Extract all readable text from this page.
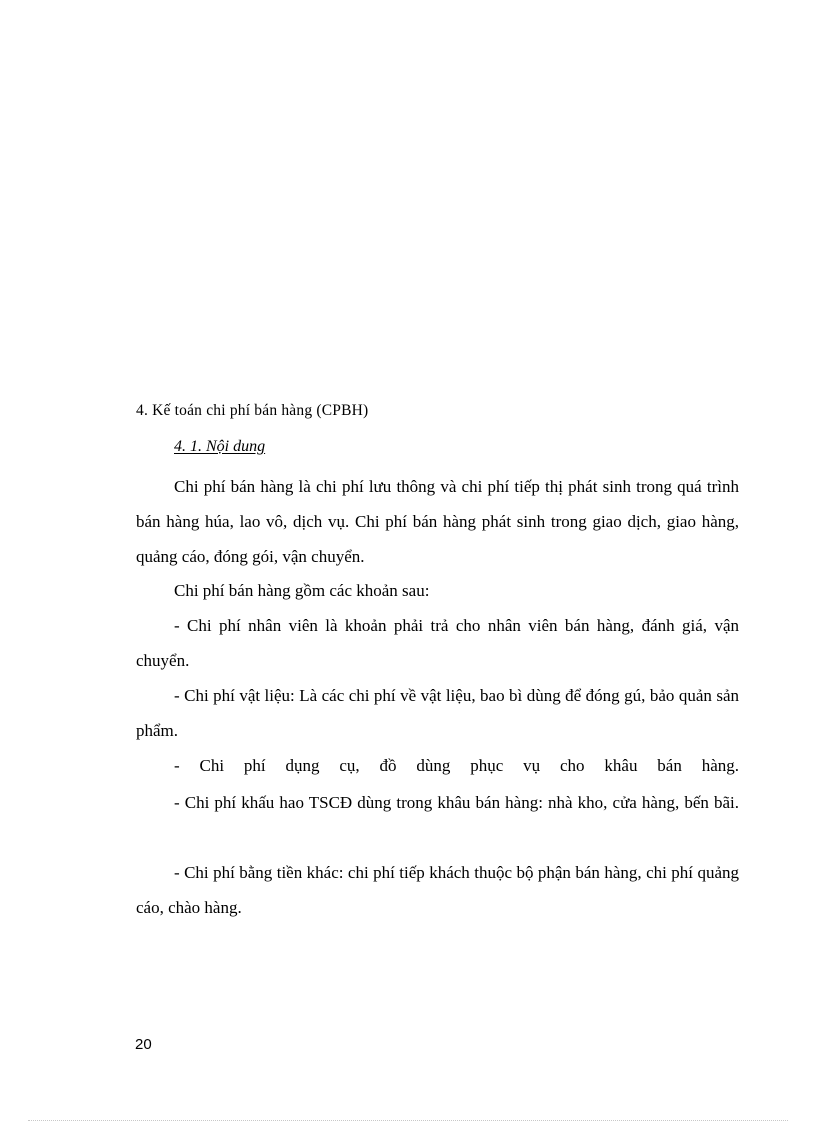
4. Kế toán chi phí bán hàng (CPBH)
4. 1. Nội dung

Chi phí bán hàng là chi phí lưu thông và chi phí tiếp thị phát sinh trong quá trình bán hàng húa, lao vô, dịch vụ. Chi phí bán hàng phát sinh trong giao dịch, giao hàng, quảng cáo, đóng gói, vận chuyển.

Chi phí bán hàng gồm các khoản sau:

- Chi phí nhân viên là khoản phải trả cho nhân viên bán hàng, đánh giá, vận chuyển.

- Chi phí vật liệu: Là các chi phí về vật liệu, bao bì dùng để đóng gú, bảo quản sản phẩm.

- Chi phí dụng cụ, đồ dùng phục vụ cho khâu bán hàng.

- Chi phí khấu hao TSCĐ dùng trong khâu bán hàng: nhà kho, cửa hàng, bến bãi.

- Chi phí bằng tiền khác: chi phí tiếp khách thuộc bộ phận bán hàng, chi phí quảng cáo, chào hàng.

20
